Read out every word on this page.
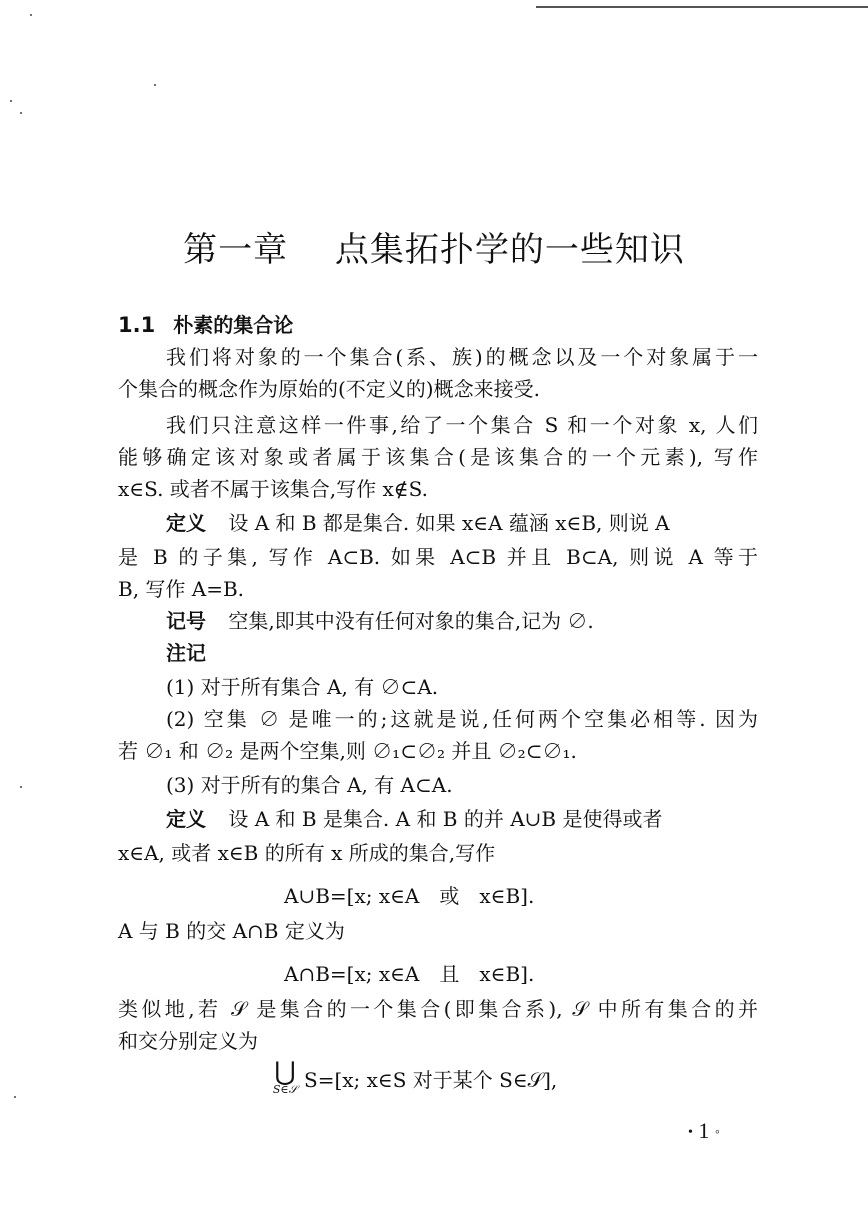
第一章　 点集拓扑学的一些知识
1.1 朴素的集合论
我们将对象的一个集合(系、族)的概念以及一个对象属于一
个集合的概念作为原始的(不定义的)概念来接受.
我们只注意这样一件事,给了一个集合 S 和一个对象 x, 人们
能够确定该对象或者属于该集合(是该集合的一个元素), 写作
x∈S. 或者不属于该集合,写作 x∉S.
定义 设 A 和 B 都是集合. 如果 x∈A 蕴涵 x∈B, 则说 A
是 B 的子集, 写作 A⊂B. 如果 A⊂B 并且 B⊂A, 则说 A 等于
B, 写作 A=B.
记号 空集,即其中没有任何对象的集合,记为 ∅.
注记
(1) 对于所有集合 A, 有 ∅⊂A.
(2) 空集 ∅ 是唯一的;这就是说,任何两个空集必相等. 因为
若 ∅₁ 和 ∅₂ 是两个空集,则 ∅₁⊂∅₂ 并且 ∅₂⊂∅₁.
(3) 对于所有的集合 A, 有 A⊂A.
定义 设 A 和 B 是集合. A 和 B 的并 A∪B 是使得或者
x∈A, 或者 x∈B 的所有 x 所成的集合,写作
A∪B=[x; x∈A　或　x∈B].
A 与 B 的交 A∩B 定义为
A∩B=[x; x∈A　且　x∈B].
类似地,若 𝒮 是集合的一个集合(即集合系), 𝒮 中所有集合的并
和交分别定义为
⋃
S∈𝒮 S=[x; x∈S 对于某个 S∈𝒮],
• 1 ◦
